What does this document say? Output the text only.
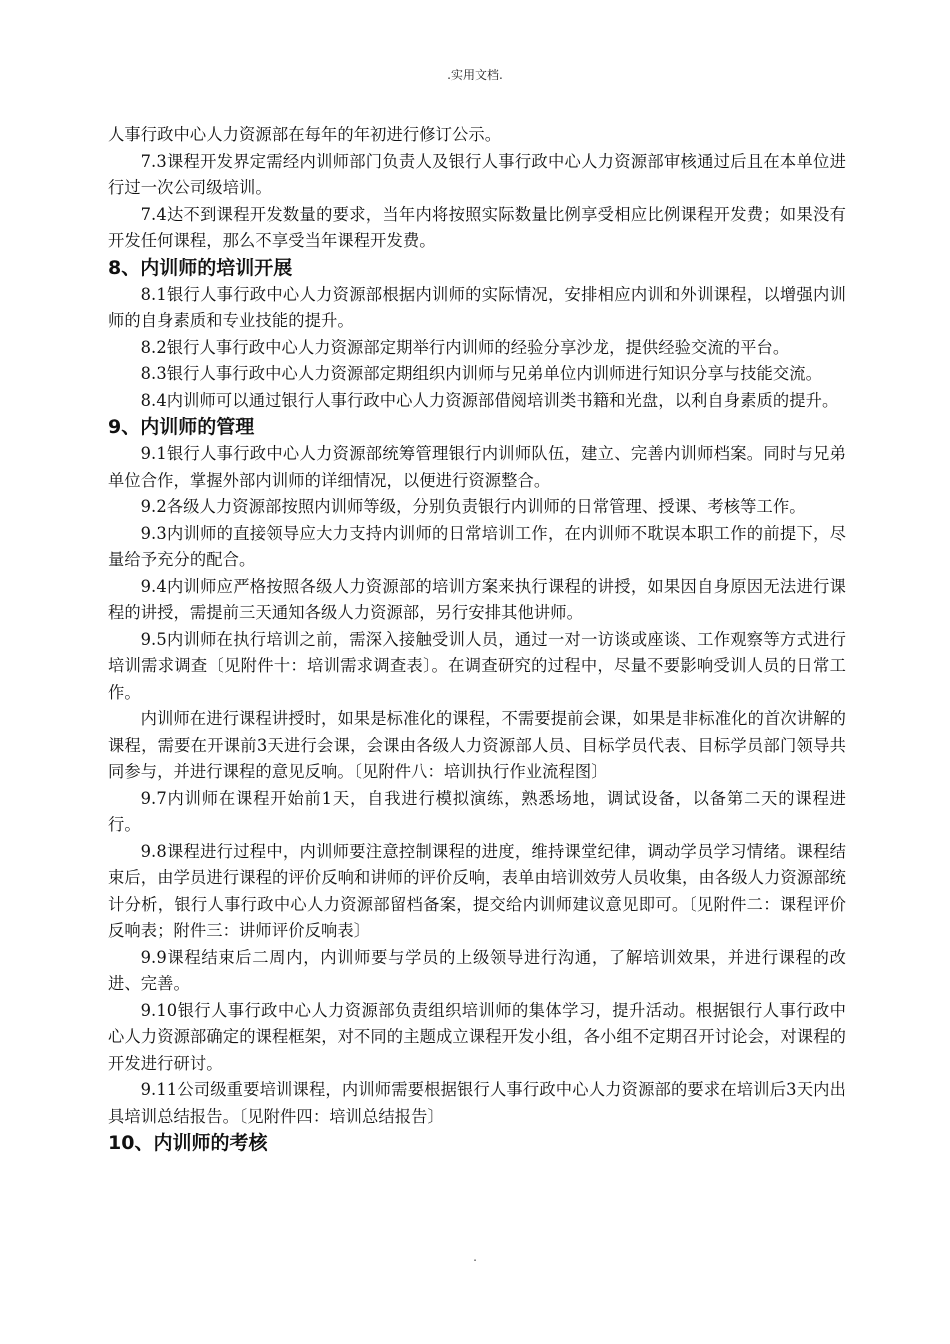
.实用文档.

人事行政中心人力资源部在每年的年初进行修订公示。

7.3课程开发界定需经内训师部门负责人及银行人事行政中心人力资源部审核通过后且在本单位进行过一次公司级培训。

7.4达不到课程开发数量的要求，当年内将按照实际数量比例享受相应比例课程开发费；如果没有开发任何课程，那么不享受当年课程开发费。

8、内训师的培训开展

8.1银行人事行政中心人力资源部根据内训师的实际情况，安排相应内训和外训课程，以增强内训师的自身素质和专业技能的提升。

8.2银行人事行政中心人力资源部定期举行内训师的经验分享沙龙，提供经验交流的平台。

8.3银行人事行政中心人力资源部定期组织内训师与兄弟单位内训师进行知识分享与技能交流。

8.4内训师可以通过银行人事行政中心人力资源部借阅培训类书籍和光盘，以利自身素质的提升。

9、内训师的管理

9.1银行人事行政中心人力资源部统筹管理银行内训师队伍，建立、完善内训师档案。同时与兄弟单位合作，掌握外部内训师的详细情况，以便进行资源整合。

9.2各级人力资源部按照内训师等级，分别负责银行内训师的日常管理、授课、考核等工作。

9.3内训师的直接领导应大力支持内训师的日常培训工作，在内训师不耽误本职工作的前提下，尽量给予充分的配合。

9.4内训师应严格按照各级人力资源部的培训方案来执行课程的讲授，如果因自身原因无法进行课程的讲授，需提前三天通知各级人力资源部，另行安排其他讲师。

9.5内训师在执行培训之前，需深入接触受训人员，通过一对一访谈或座谈、工作观察等方式进行培训需求调查〔见附件十：培训需求调查表〕。在调查研究的过程中，尽量不要影响受训人员的日常工作。

内训师在进行课程讲授时，如果是标准化的课程，不需要提前会课，如果是非标准化的首次讲解的课程，需要在开课前3天进行会课，会课由各级人力资源部人员、目标学员代表、目标学员部门领导共同参与，并进行课程的意见反响。〔见附件八：培训执行作业流程图〕

9.7内训师在课程开始前1天，自我进行模拟演练，熟悉场地，调试设备，以备第二天的课程进行。

9.8课程进行过程中，内训师要注意控制课程的进度，维持课堂纪律，调动学员学习情绪。课程结束后，由学员进行课程的评价反响和讲师的评价反响，表单由培训效劳人员收集，由各级人力资源部统计分析，银行人事行政中心人力资源部留档备案，提交给内训师建议意见即可。〔见附件二：课程评价反响表；附件三：讲师评价反响表〕

9.9课程结束后二周内，内训师要与学员的上级领导进行沟通，了解培训效果，并进行课程的改进、完善。

9.10银行人事行政中心人力资源部负责组织培训师的集体学习，提升活动。根据银行人事行政中心人力资源部确定的课程框架，对不同的主题成立课程开发小组，各小组不定期召开讨论会，对课程的开发进行研讨。

9.11公司级重要培训课程，内训师需要根据银行人事行政中心人力资源部的要求在培训后3天内出具培训总结报告。〔见附件四：培训总结报告〕

10、内训师的考核
.
